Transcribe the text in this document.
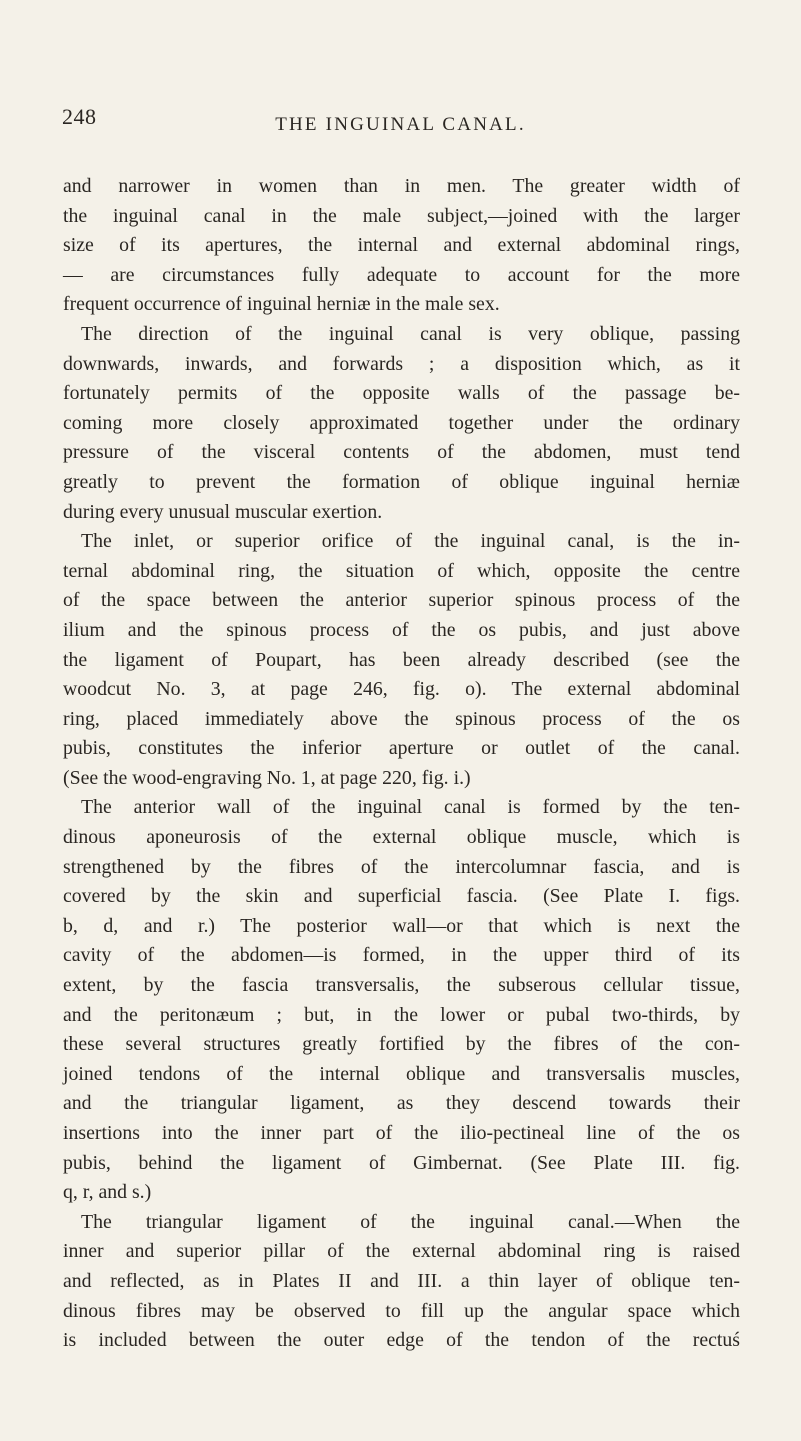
248	THE INGUINAL CANAL.
and narrower in women than in men. The greater width of
the inguinal canal in the male subject,—joined with the larger
size of its apertures, the internal and external abdominal rings,
— are circumstances fully adequate to account for the more
frequent occurrence of inguinal herniæ in the male sex.
The direction of the inguinal canal is very oblique, passing
downwards, inwards, and forwards ; a disposition which, as it
fortunately permits of the opposite walls of the passage be-
coming more closely approximated together under the ordinary
pressure of the visceral contents of the abdomen, must tend
greatly to prevent the formation of oblique inguinal herniæ
during every unusual muscular exertion.
The inlet, or superior orifice of the inguinal canal, is the in-
ternal abdominal ring, the situation of which, opposite the centre
of the space between the anterior superior spinous process of the
ilium and the spinous process of the os pubis, and just above
the ligament of Poupart, has been already described (see the
woodcut No. 3, at page 246, fig. o). The external abdominal
ring, placed immediately above the spinous process of the os
pubis, constitutes the inferior aperture or outlet of the canal.
(See the wood-engraving No. 1, at page 220, fig. i.)
The anterior wall of the inguinal canal is formed by the ten-
dinous aponeurosis of the external oblique muscle, which is
strengthened by the fibres of the intercolumnar fascia, and is
covered by the skin and superficial fascia. (See Plate I. figs.
b, d, and r.) The posterior wall—or that which is next the
cavity of the abdomen—is formed, in the upper third of its
extent, by the fascia transversalis, the subserous cellular tissue,
and the peritonæum ; but, in the lower or pubal two-thirds, by
these several structures greatly fortified by the fibres of the con-
joined tendons of the internal oblique and transversalis muscles,
and the triangular ligament, as they descend towards their
insertions into the inner part of the ilio-pectineal line of the os
pubis, behind the ligament of Gimbernat. (See Plate III. fig.
q, r, and s.)
The triangular ligament of the inguinal canal.—When the
inner and superior pillar of the external abdominal ring is raised
and reflected, as in Plates II and III. a thin layer of oblique ten-
dinous fibres may be observed to fill up the angular space which
is included between the outer edge of the tendon of the rectuś
